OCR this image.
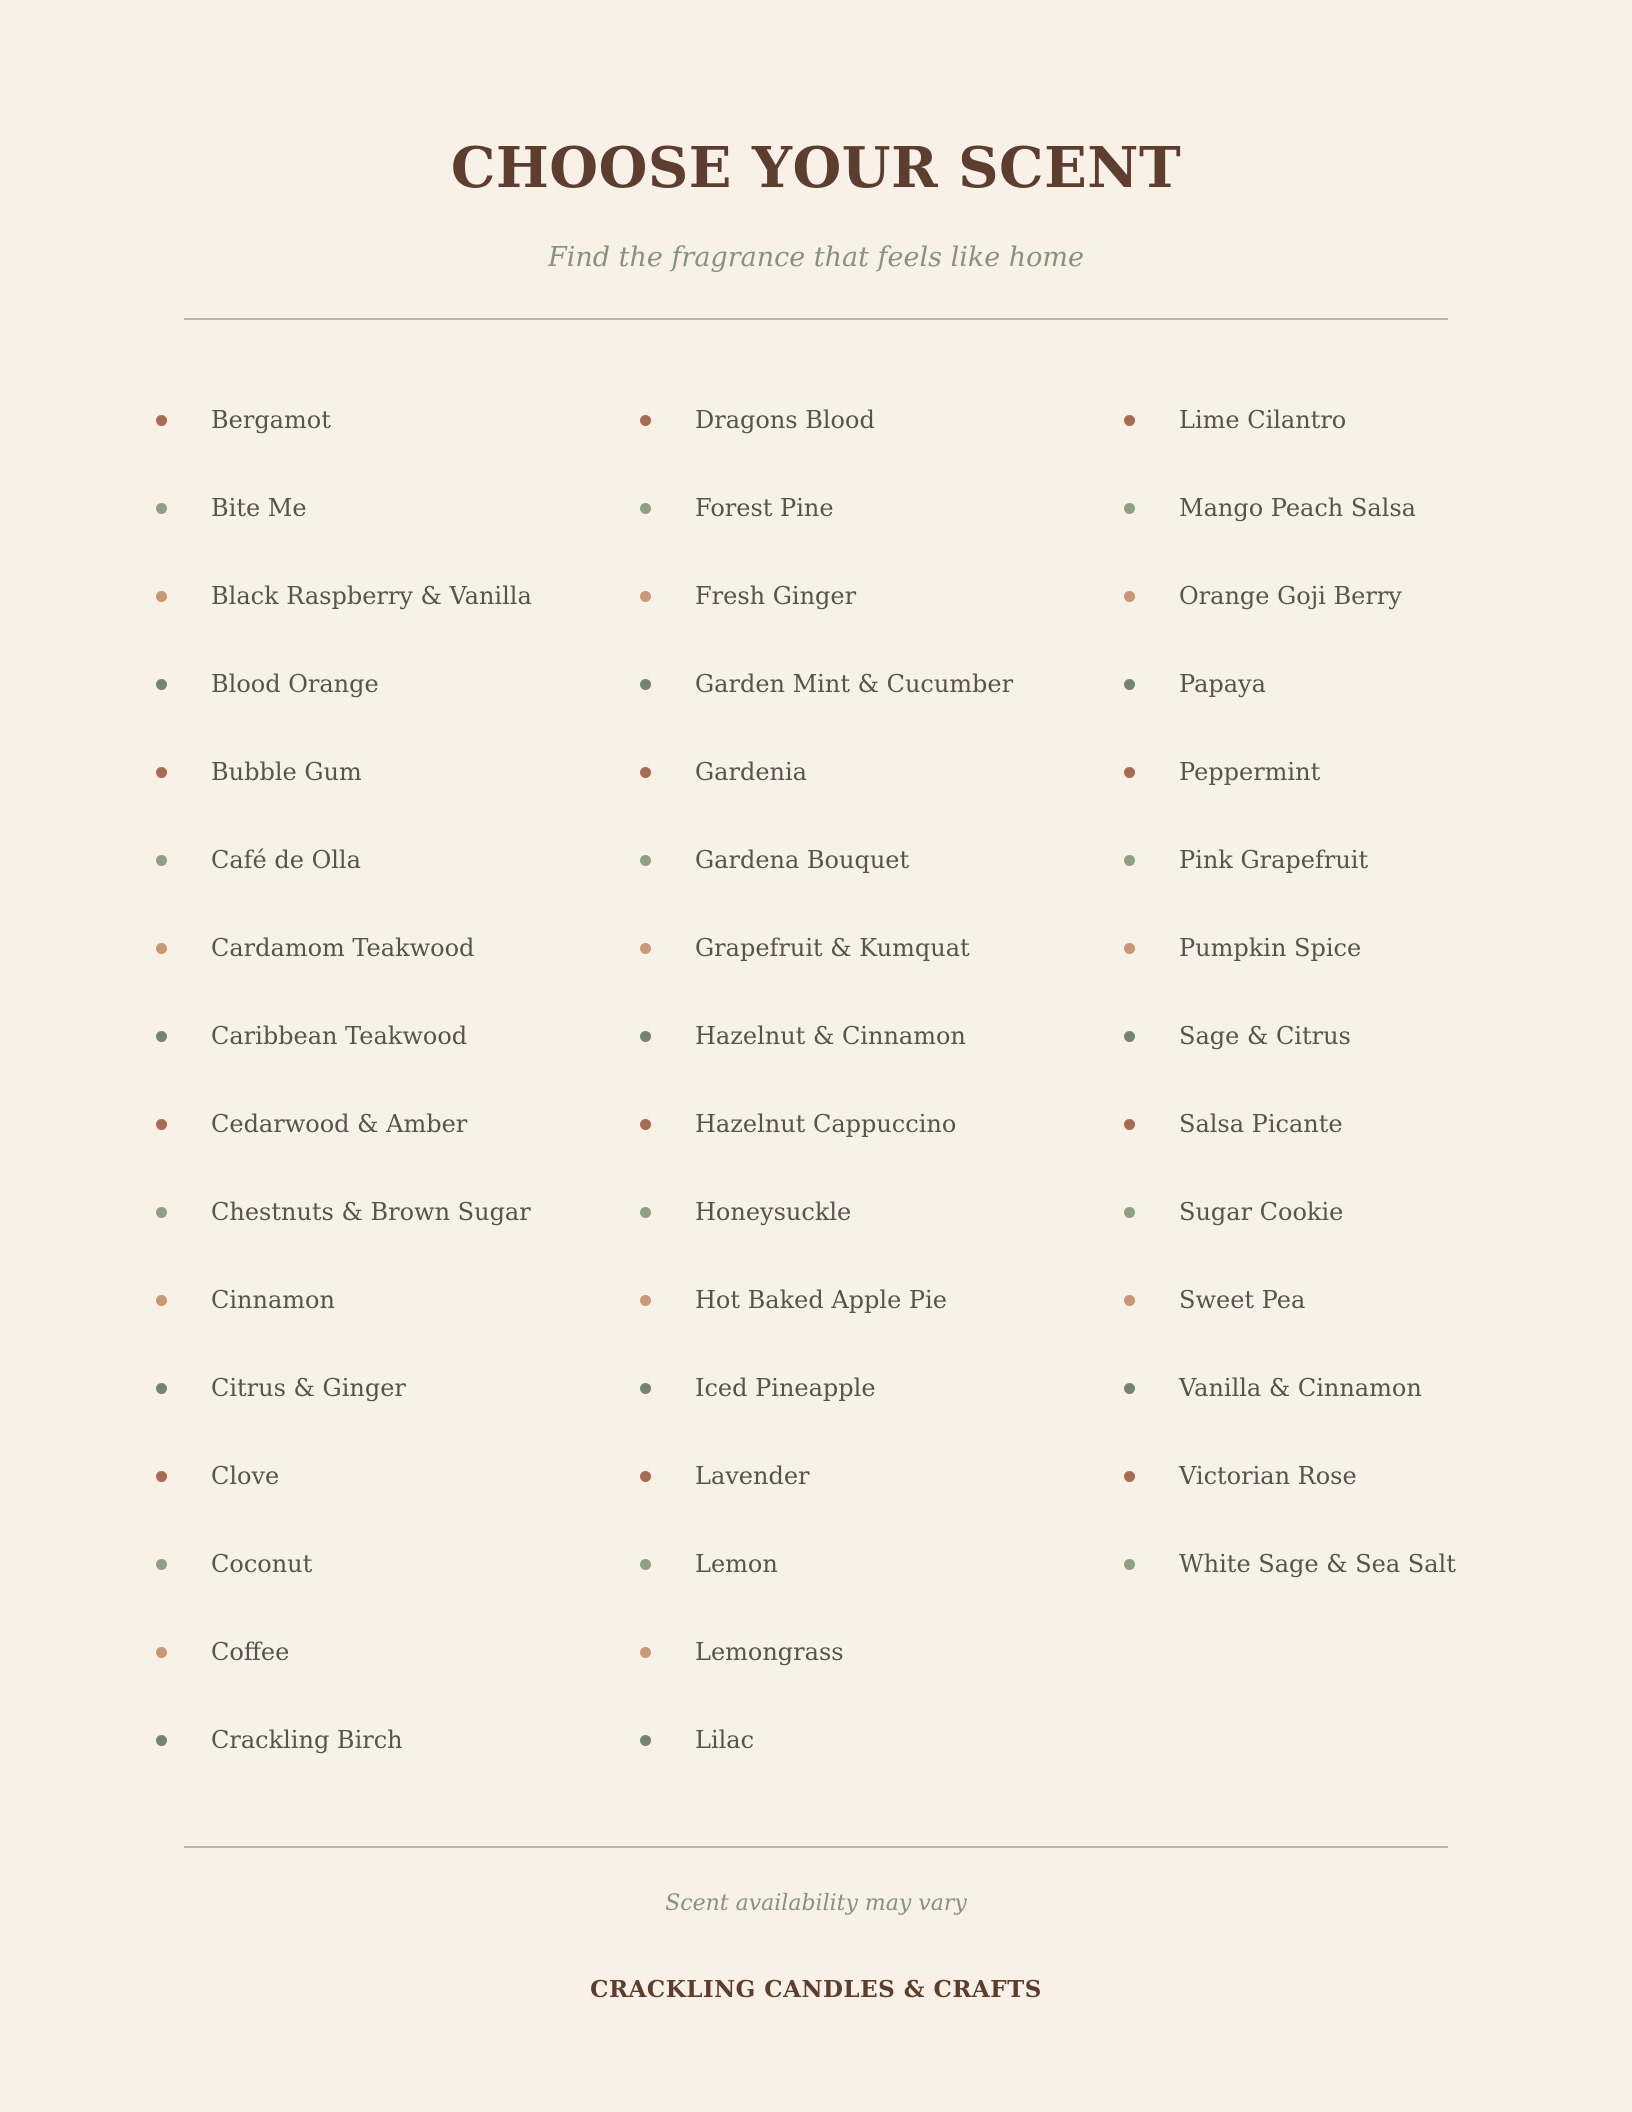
CHOOSE YOUR SCENT
Find the fragrance that feels like home
Bergamot
Bite Me
Black Raspberry & Vanilla
Blood Orange
Bubble Gum
Café de Olla
Cardamom Teakwood
Caribbean Teakwood
Cedarwood & Amber
Chestnuts & Brown Sugar
Cinnamon
Citrus & Ginger
Clove
Coconut
Coffee
Crackling Birch
Dragons Blood
Forest Pine
Fresh Ginger
Garden Mint & Cucumber
Gardenia
Gardena Bouquet
Grapefruit & Kumquat
Hazelnut & Cinnamon
Hazelnut Cappuccino
Honeysuckle
Hot Baked Apple Pie
Iced Pineapple
Lavender
Lemon
Lemongrass
Lilac
Lime Cilantro
Mango Peach Salsa
Orange Goji Berry
Papaya
Peppermint
Pink Grapefruit
Pumpkin Spice
Sage & Citrus
Salsa Picante
Sugar Cookie
Sweet Pea
Vanilla & Cinnamon
Victorian Rose
White Sage & Sea Salt
Scent availability may vary
CRACKLING CANDLES & CRAFTS
